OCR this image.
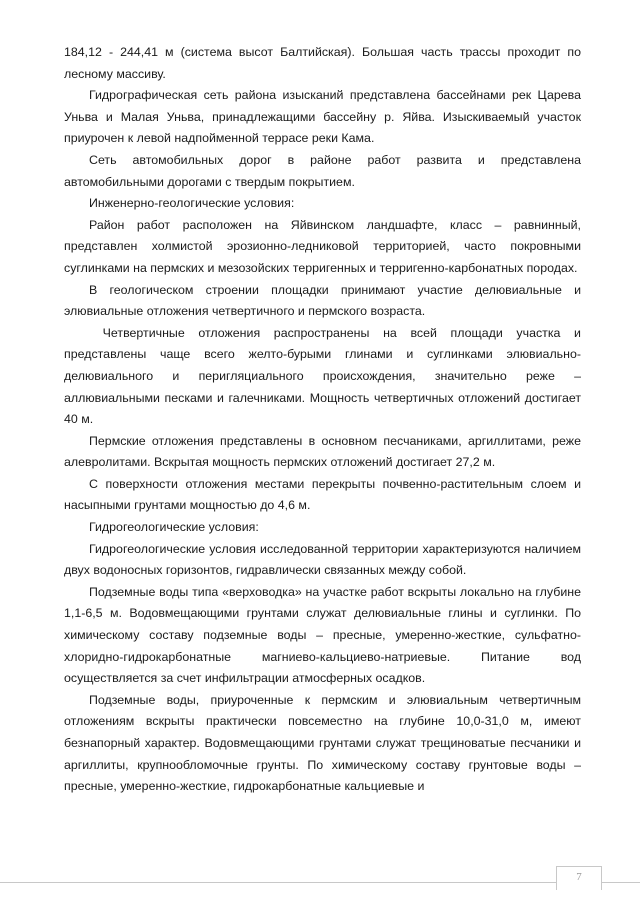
184,12 - 244,41 м (система высот Балтийская). Большая часть трассы проходит по лесному массиву.

Гидрографическая сеть района изысканий представлена бассейнами рек Царева Уньва и Малая Уньва, принадлежащими бассейну р. Яйва. Изыскиваемый участок приурочен к левой надпойменной террасе реки Кама.

Сеть автомобильных дорог в районе работ развита и представлена автомобильными дорогами с твердым покрытием.

Инженерно-геологические условия:

Район работ расположен на Яйвинском ландшафте, класс – равнинный, представлен холмистой эрозионно-ледниковой территорией, часто покровными суглинками на пермских и мезозойских терригенных и терригенно-карбонатных породах.

В геологическом строении площадки принимают участие делювиальные и элювиальные отложения четвертичного и пермского возраста.

Четвертичные отложения распространены на всей площади участка и представлены чаще всего желто-бурыми глинами и суглинками элювиально-делювиального и перигляциального происхождения, значительно реже – аллювиальными песками и галечниками. Мощность четвертичных отложений достигает 40 м.

Пермские отложения представлены в основном песчаниками, аргиллитами, реже алевролитами. Вскрытая мощность пермских отложений достигает 27,2 м.

С поверхности отложения местами перекрыты почвенно-растительным слоем и насыпными грунтами мощностью до 4,6 м.

Гидрогеологические условия:

Гидрогеологические условия исследованной территории характеризуются наличием двух водоносных горизонтов, гидравлически связанных между собой.

Подземные воды типа «верховодка» на участке работ вскрыты локально на глубине 1,1-6,5 м. Водовмещающими грунтами служат делювиальные глины и суглинки. По химическому составу подземные воды – пресные, умеренно-жесткие, сульфатно-хлоридно-гидрокарбонатные магниево-кальциево-натриевые. Питание вод осуществляется за счет инфильтрации атмосферных осадков.

Подземные воды, приуроченные к пермским и элювиальным четвертичным отложениям вскрыты практически повсеместно на глубине 10,0-31,0 м, имеют безнапорный характер. Водовмещающими грунтами служат трещиноватые песчаники и аргиллиты, крупнообломочные грунты. По химическому составу грунтовые воды – пресные, умеренно-жесткие, гидрокарбонатные кальциевые и

7
